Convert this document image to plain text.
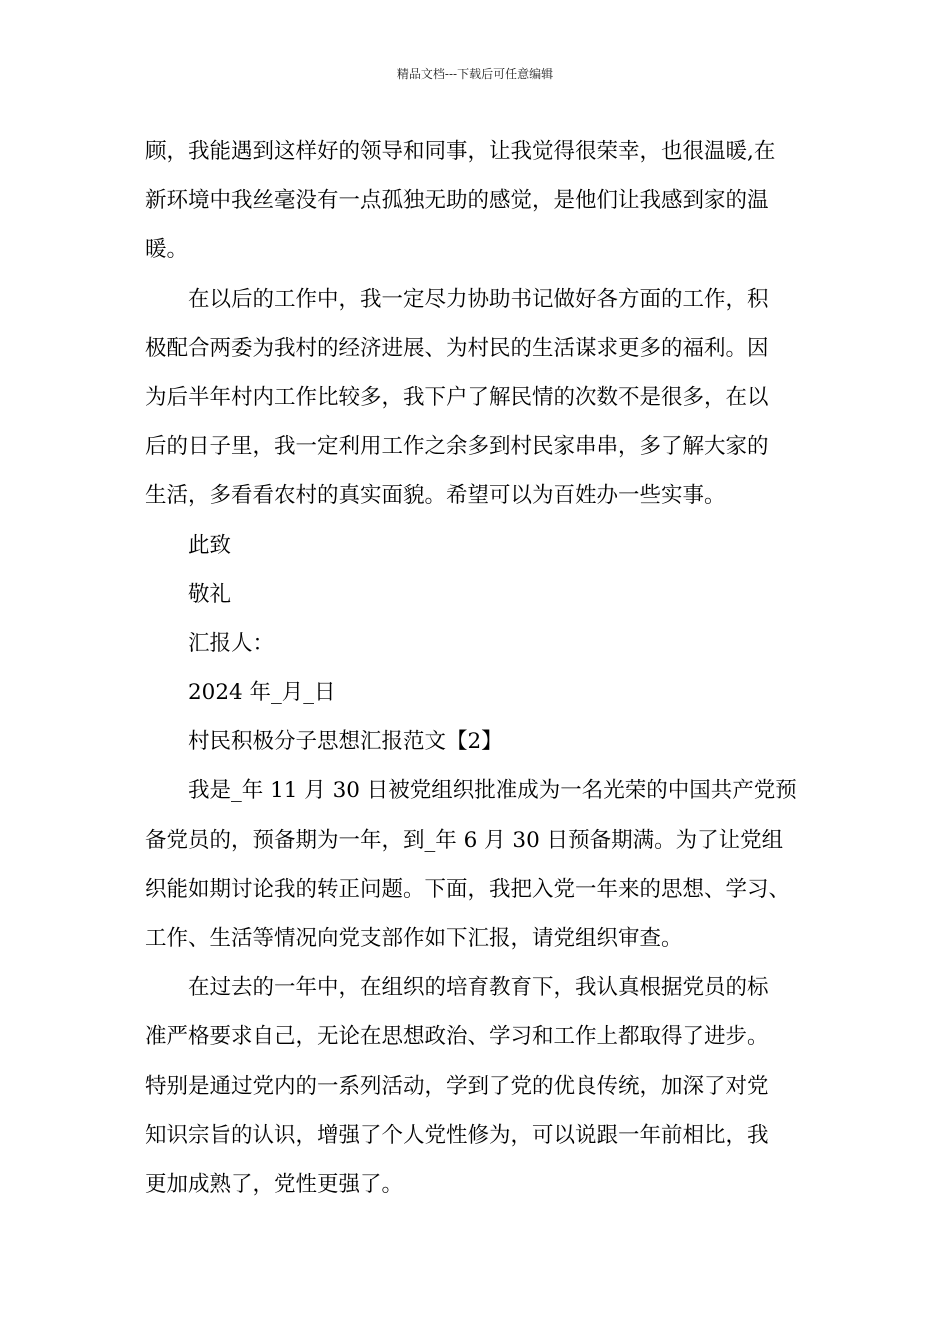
精品文档---下载后可任意编辑
顾，我能遇到这样好的领导和同事，让我觉得很荣幸，也很温暖,在
新环境中我丝毫没有一点孤独无助的感觉，是他们让我感到家的温
暖。
在以后的工作中，我一定尽力协助书记做好各方面的工作，积
极配合两委为我村的经济进展、为村民的生活谋求更多的福利。因
为后半年村内工作比较多，我下户了解民情的次数不是很多，在以
后的日子里，我一定利用工作之余多到村民家串串，多了解大家的
生活，多看看农村的真实面貌。希望可以为百姓办一些实事。
此致
敬礼
汇报人：
2024 年_月_日
村民积极分子思想汇报范文【2】
我是_年 11 月 30 日被党组织批准成为一名光荣的中国共产党预
备党员的，预备期为一年，到_年 6 月 30 日预备期满。为了让党组
织能如期讨论我的转正问题。下面，我把入党一年来的思想、学习、
工作、生活等情况向党支部作如下汇报，请党组织审查。
在过去的一年中，在组织的培育教育下，我认真根据党员的标
准严格要求自己，无论在思想政治、学习和工作上都取得了进步。
特别是通过党内的一系列活动，学到了党的优良传统，加深了对党
知识宗旨的认识，增强了个人党性修为，可以说跟一年前相比，我
更加成熟了，党性更强了。
